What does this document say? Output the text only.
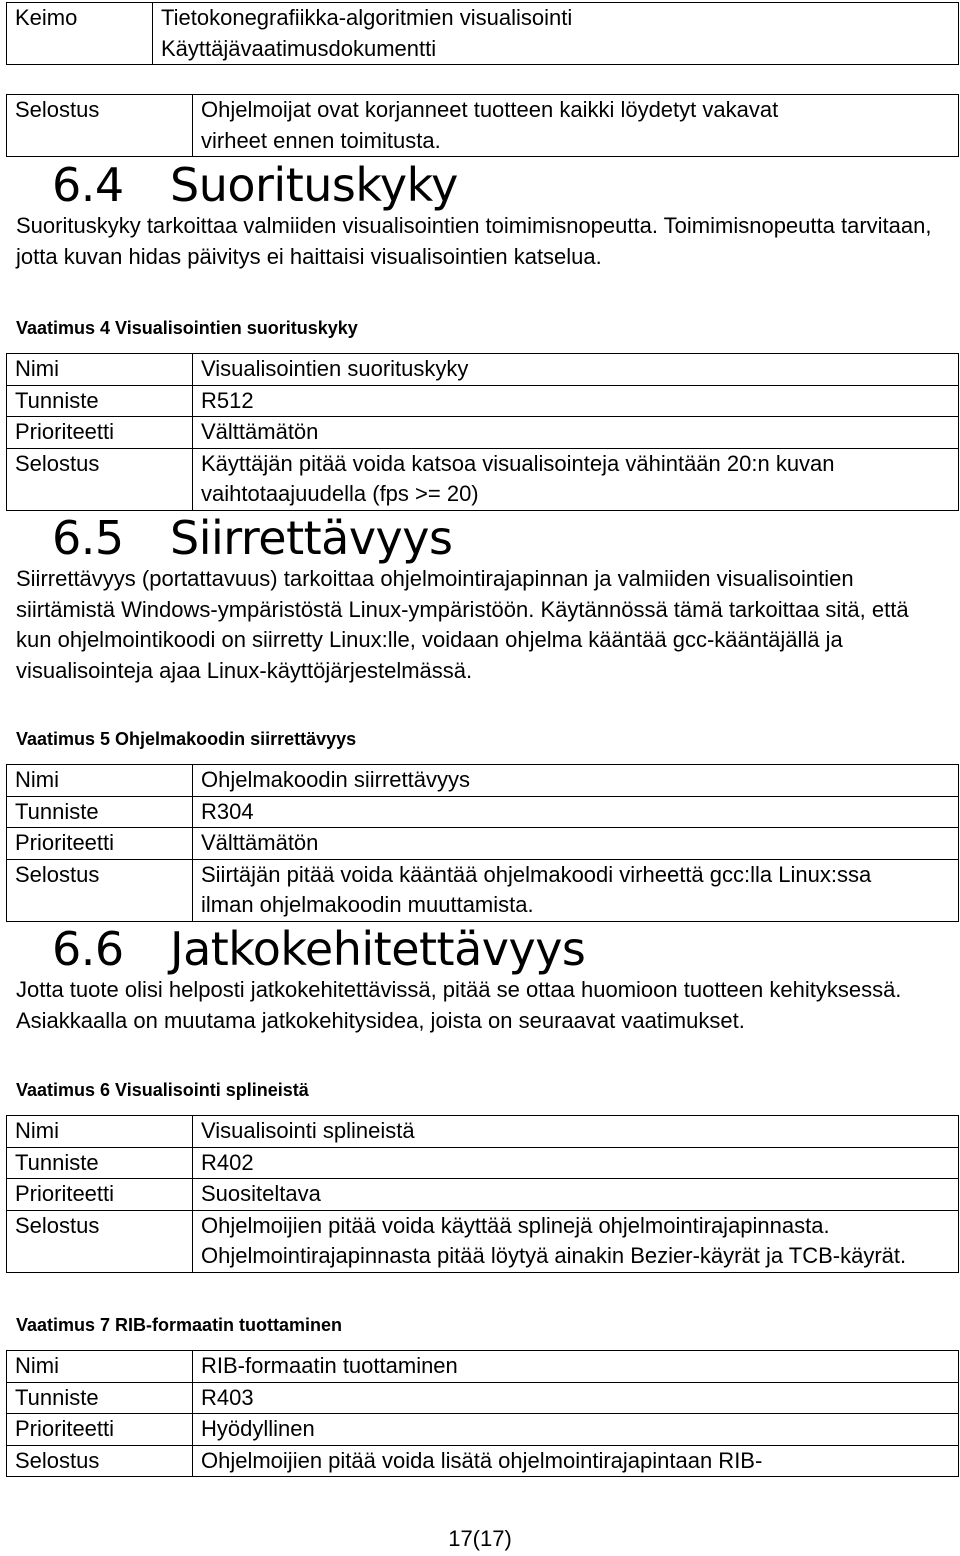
Keimo	Tietokonegrafiikka-algoritmien visualisointi
Käyttäjävaatimusdokumentti
Selostus	Ohjelmoijat ovat korjanneet tuotteen kaikki löydetyt vakavat virheet ennen toimitusta.
6.4 Suorituskyky
Suorituskyky tarkoittaa valmiiden visualisointien toimimisnopeutta. Toimimisnopeutta tarvitaan, jotta kuvan hidas päivitys ei haittaisi visualisointien katselua.
Vaatimus 4 Visualisointien suorituskyky
Nimi	Visualisointien suorituskyky
Tunniste	R512
Prioriteetti	Välttämätön
Selostus	Käyttäjän pitää voida katsoa visualisointeja vähintään 20:n kuvan vaihtotaajuudella (fps >= 20)
6.5 Siirrettävyys
Siirrettävyys (portattavuus) tarkoittaa ohjelmointirajapinnan ja valmiiden visualisointien siirtämistä Windows-ympäristöstä Linux-ympäristöön. Käytännössä tämä tarkoittaa sitä, että kun ohjelmointikoodi on siirretty Linux:lle, voidaan ohjelma kääntää gcc-kääntäjällä ja visualisointeja ajaa Linux-käyttöjärjestelmässä.
Vaatimus 5 Ohjelmakoodin siirrettävyys
Nimi	Ohjelmakoodin siirrettävyys
Tunniste	R304
Prioriteetti	Välttämätön
Selostus	Siirtäjän pitää voida kääntää ohjelmakoodi virheettä gcc:lla Linux:ssa ilman ohjelmakoodin muuttamista.
6.6 Jatkokehitettävyys
Jotta tuote olisi helposti jatkokehitettävissä, pitää se ottaa huomioon tuotteen kehityksessä. Asiakkaalla on muutama jatkokehitysidea, joista on seuraavat vaatimukset.
Vaatimus 6 Visualisointi splineistä
Nimi	Visualisointi splineistä
Tunniste	R402
Prioriteetti	Suositeltava
Selostus	Ohjelmoijien pitää voida käyttää splinejä ohjelmointirajapinnasta. Ohjelmointirajapinnasta pitää löytyä ainakin Bezier-käyrät ja TCB-käyrät.
Vaatimus 7 RIB-formaatin tuottaminen
Nimi	RIB-formaatin tuottaminen
Tunniste	R403
Prioriteetti	Hyödyllinen
Selostus	Ohjelmoijien pitää voida lisätä ohjelmointirajapintaan RIB-
17(17)
